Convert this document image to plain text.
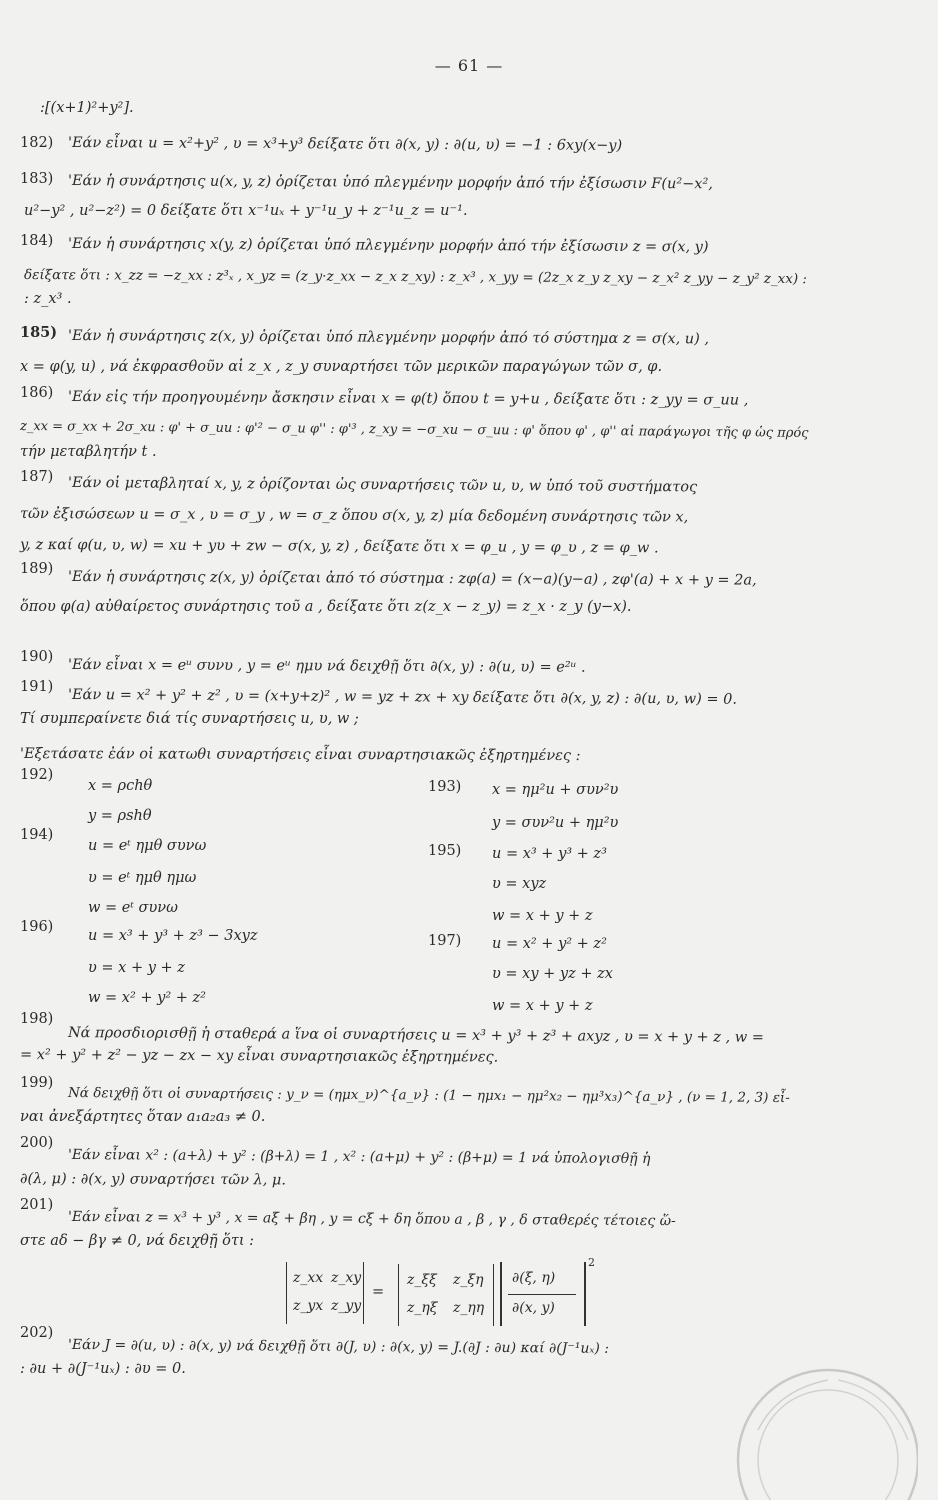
— 61 —
:[(x+1)²+y²].
182) 'Εάν εἶναι u = x²+y² , υ = x³+y³ δείξατε ὅτι ∂(x, y) : ∂(u, υ) = −1 : 6xy(x−y)
183) 'Εάν ἡ συνάρτησις u(x, y, z) ὁρίζεται ὑπό πλεγμένην μορφήν ἀπό τήν ἐξίσωσιν F(u²−x²,
u²−y² , u²−z²) = 0 δείξατε ὅτι x⁻¹uₓ + y⁻¹u_y + z⁻¹u_z = u⁻¹.
184) 'Εάν ἡ συνάρτησις x(y, z) ὁρίζεται ὑπό πλεγμένην μορφήν ἀπό τήν ἐξίσωσιν z = σ(x, y)
δείξατε ὅτι : x_zz = −z_xx : z³ₓ , x_yz = (z_y·z_xx − z_x z_xy) : z_x³ , x_yy = (2z_x z_y z_xy − z_x² z_yy − z_y² z_xx) :
: z_x³ .
185) 'Εάν ἡ συνάρτησις z(x, y) ὁρίζεται ὑπό πλεγμένην μορφήν ἀπό τό σύστημα z = σ(x, u) ,
x = φ(y, u) , νά ἐκφρασθοῦν αἱ z_x , z_y συναρτήσει τῶν μερικῶν παραγώγων τῶν σ, φ.
186) 'Εάν εἰς τήν προηγουμένην ἄσκησιν εἶναι x = φ(t) ὅπου t = y+u , δείξατε ὅτι : z_yy = σ_uu ,
z_xx = σ_xx + 2σ_xu : φ' + σ_uu : φ'² − σ_u φ'' : φ'³ , z_xy = −σ_xu − σ_uu : φ' ὅπου φ' , φ'' αἱ παράγωγοι τῆς φ ὡς πρός
τήν μεταβλητήν t .
187) 'Εάν οἱ μεταβληταί x, y, z ὁρίζονται ὡς συναρτήσεις τῶν u, υ, w ὑπό τοῦ συστήματος
τῶν ἐξισώσεων u = σ_x , υ = σ_y , w = σ_z ὅπου σ(x, y, z) μία δεδομένη συνάρτησις τῶν x,
y, z καί φ(u, υ, w) = xu + yυ + zw − σ(x, y, z) , δείξατε ὅτι x = φ_u , y = φ_υ , z = φ_w .
189)
'Εάν ἡ συνάρτησις z(x, y) ὁρίζεται ἀπό τό σύστημα : zφ(a) = (x−a)(y−a) , zφ'(a) + x + y = 2a,
ὅπου φ(a) αὐθαίρετος συνάρτησις τοῦ a , δείξατε ὅτι z(z_x − z_y) = z_x · z_y (y−x).
190)
'Εάν εἶναι x = eᵘ συνυ , y = eᵘ ημυ νά δειχθῇ ὅτι ∂(x, y) : ∂(u, υ) = e²ᵘ .
191)
'Εάν u = x² + y² + z² , υ = (x+y+z)² , w = yz + zx + xy δείξατε ὅτι ∂(x, y, z) : ∂(u, υ, w) = 0.
Τί συμπεραίνετε διά τίς συναρτήσεις u, υ, w ;
'Εξετάσατε ἐάν οἱ κατωθι συναρτήσεις εἶναι συναρτησιακῶς ἐξηρτημένες :
192)
x = ρchθ
y = ρshθ
193) x = ημ²u + συν²υ
y = συν²u + ημ²υ
194)
u = eᵗ ημθ συνω
υ = eᵗ ημθ ημω
w = eᵗ συνω
195) u = x³ + y³ + z³
υ = xyz
w = x + y + z
196)
u = x³ + y³ + z³ − 3xyz
υ = x + y + z
w = x² + y² + z²
197) u = x² + y² + z²
υ = xy + yz + zx
w = x + y + z
198)
Νά προσδιορισθῇ ἡ σταθερά a ἵνα οἱ συναρτήσεις u = x³ + y³ + z³ + axyz , υ = x + y + z , w =
= x² + y² + z² − yz − zx − xy εἶναι συναρτησιακῶς ἐξηρτημένες.
199)
Νά δειχθῇ ὅτι οἱ συναρτήσεις : y_ν = (ημx_ν)^{a_ν} : (1 − ημx₁ − ημ²x₂ − ημ³x₃)^{a_ν} , (ν = 1, 2, 3) εἶ-
ναι ἀνεξάρτητες ὅταν a₁a₂a₃ ≠ 0.
200)
'Εάν εἶναι x² : (a+λ) + y² : (β+λ) = 1 , x² : (a+μ) + y² : (β+μ) = 1 νά ὑπολογισθῇ ἡ
∂(λ, μ) : ∂(x, y) συναρτήσει τῶν λ, μ.
201)
'Εάν εἶναι z = x³ + y³ , x = aξ + βη , y = cξ + δη ὅπου a , β , γ , δ σταθερές τέτοιες ὥ-
στε aδ − βγ ≠ 0, νά δειχθῇ ὅτι :
z_xx z_xy
z_yx z_yy
=
z_ξξ z_ξη
z_ηξ z_ηη
∂(ξ, η)
∂(x, y)
2
202)
'Εάν J = ∂(u, υ) : ∂(x, y) νά δειχθῇ ὅτι ∂(J, υ) : ∂(x, y) = J.(∂J : ∂u) καί ∂(J⁻¹uₓ) :
: ∂u + ∂(J⁻¹uₓ) : ∂υ = 0.
